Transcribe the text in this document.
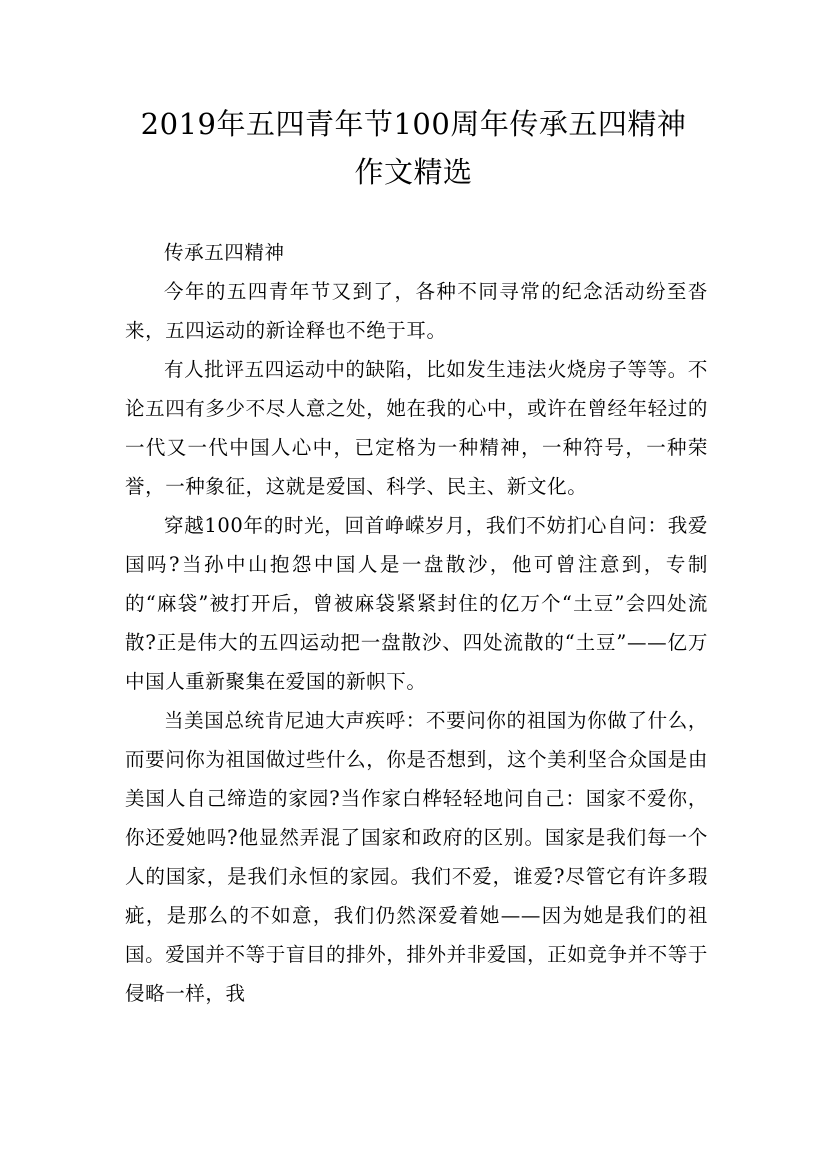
2019年五四青年节100周年传承五四精神
作文精选

传承五四精神

今年的五四青年节又到了，各种不同寻常的纪念活动纷至沓来，五四运动的新诠释也不绝于耳。

有人批评五四运动中的缺陷，比如发生违法火烧房子等等。不论五四有多少不尽人意之处，她在我的心中，或许在曾经年轻过的一代又一代中国人心中，已定格为一种精神，一种符号，一种荣誉，一种象征，这就是爱国、科学、民主、新文化。

穿越100年的时光，回首峥嵘岁月，我们不妨扪心自问：我爱国吗?当孙中山抱怨中国人是一盘散沙，他可曾注意到，专制的“麻袋”被打开后，曾被麻袋紧紧封住的亿万个“土豆”会四处流散?正是伟大的五四运动把一盘散沙、四处流散的“土豆”——亿万中国人重新聚集在爱国的新帜下。

当美国总统肯尼迪大声疾呼：不要问你的祖国为你做了什么，而要问你为祖国做过些什么，你是否想到，这个美利坚合众国是由美国人自己缔造的家园?当作家白桦轻轻地问自己：国家不爱你，你还爱她吗?他显然弄混了国家和政府的区别。国家是我们每一个人的国家，是我们永恒的家园。我们不爱，谁爱?尽管它有许多瑕疵，是那么的不如意，我们仍然深爱着她——因为她是我们的祖国。爱国并不等于盲目的排外，排外并非爱国，正如竞争并不等于侵略一样，我
